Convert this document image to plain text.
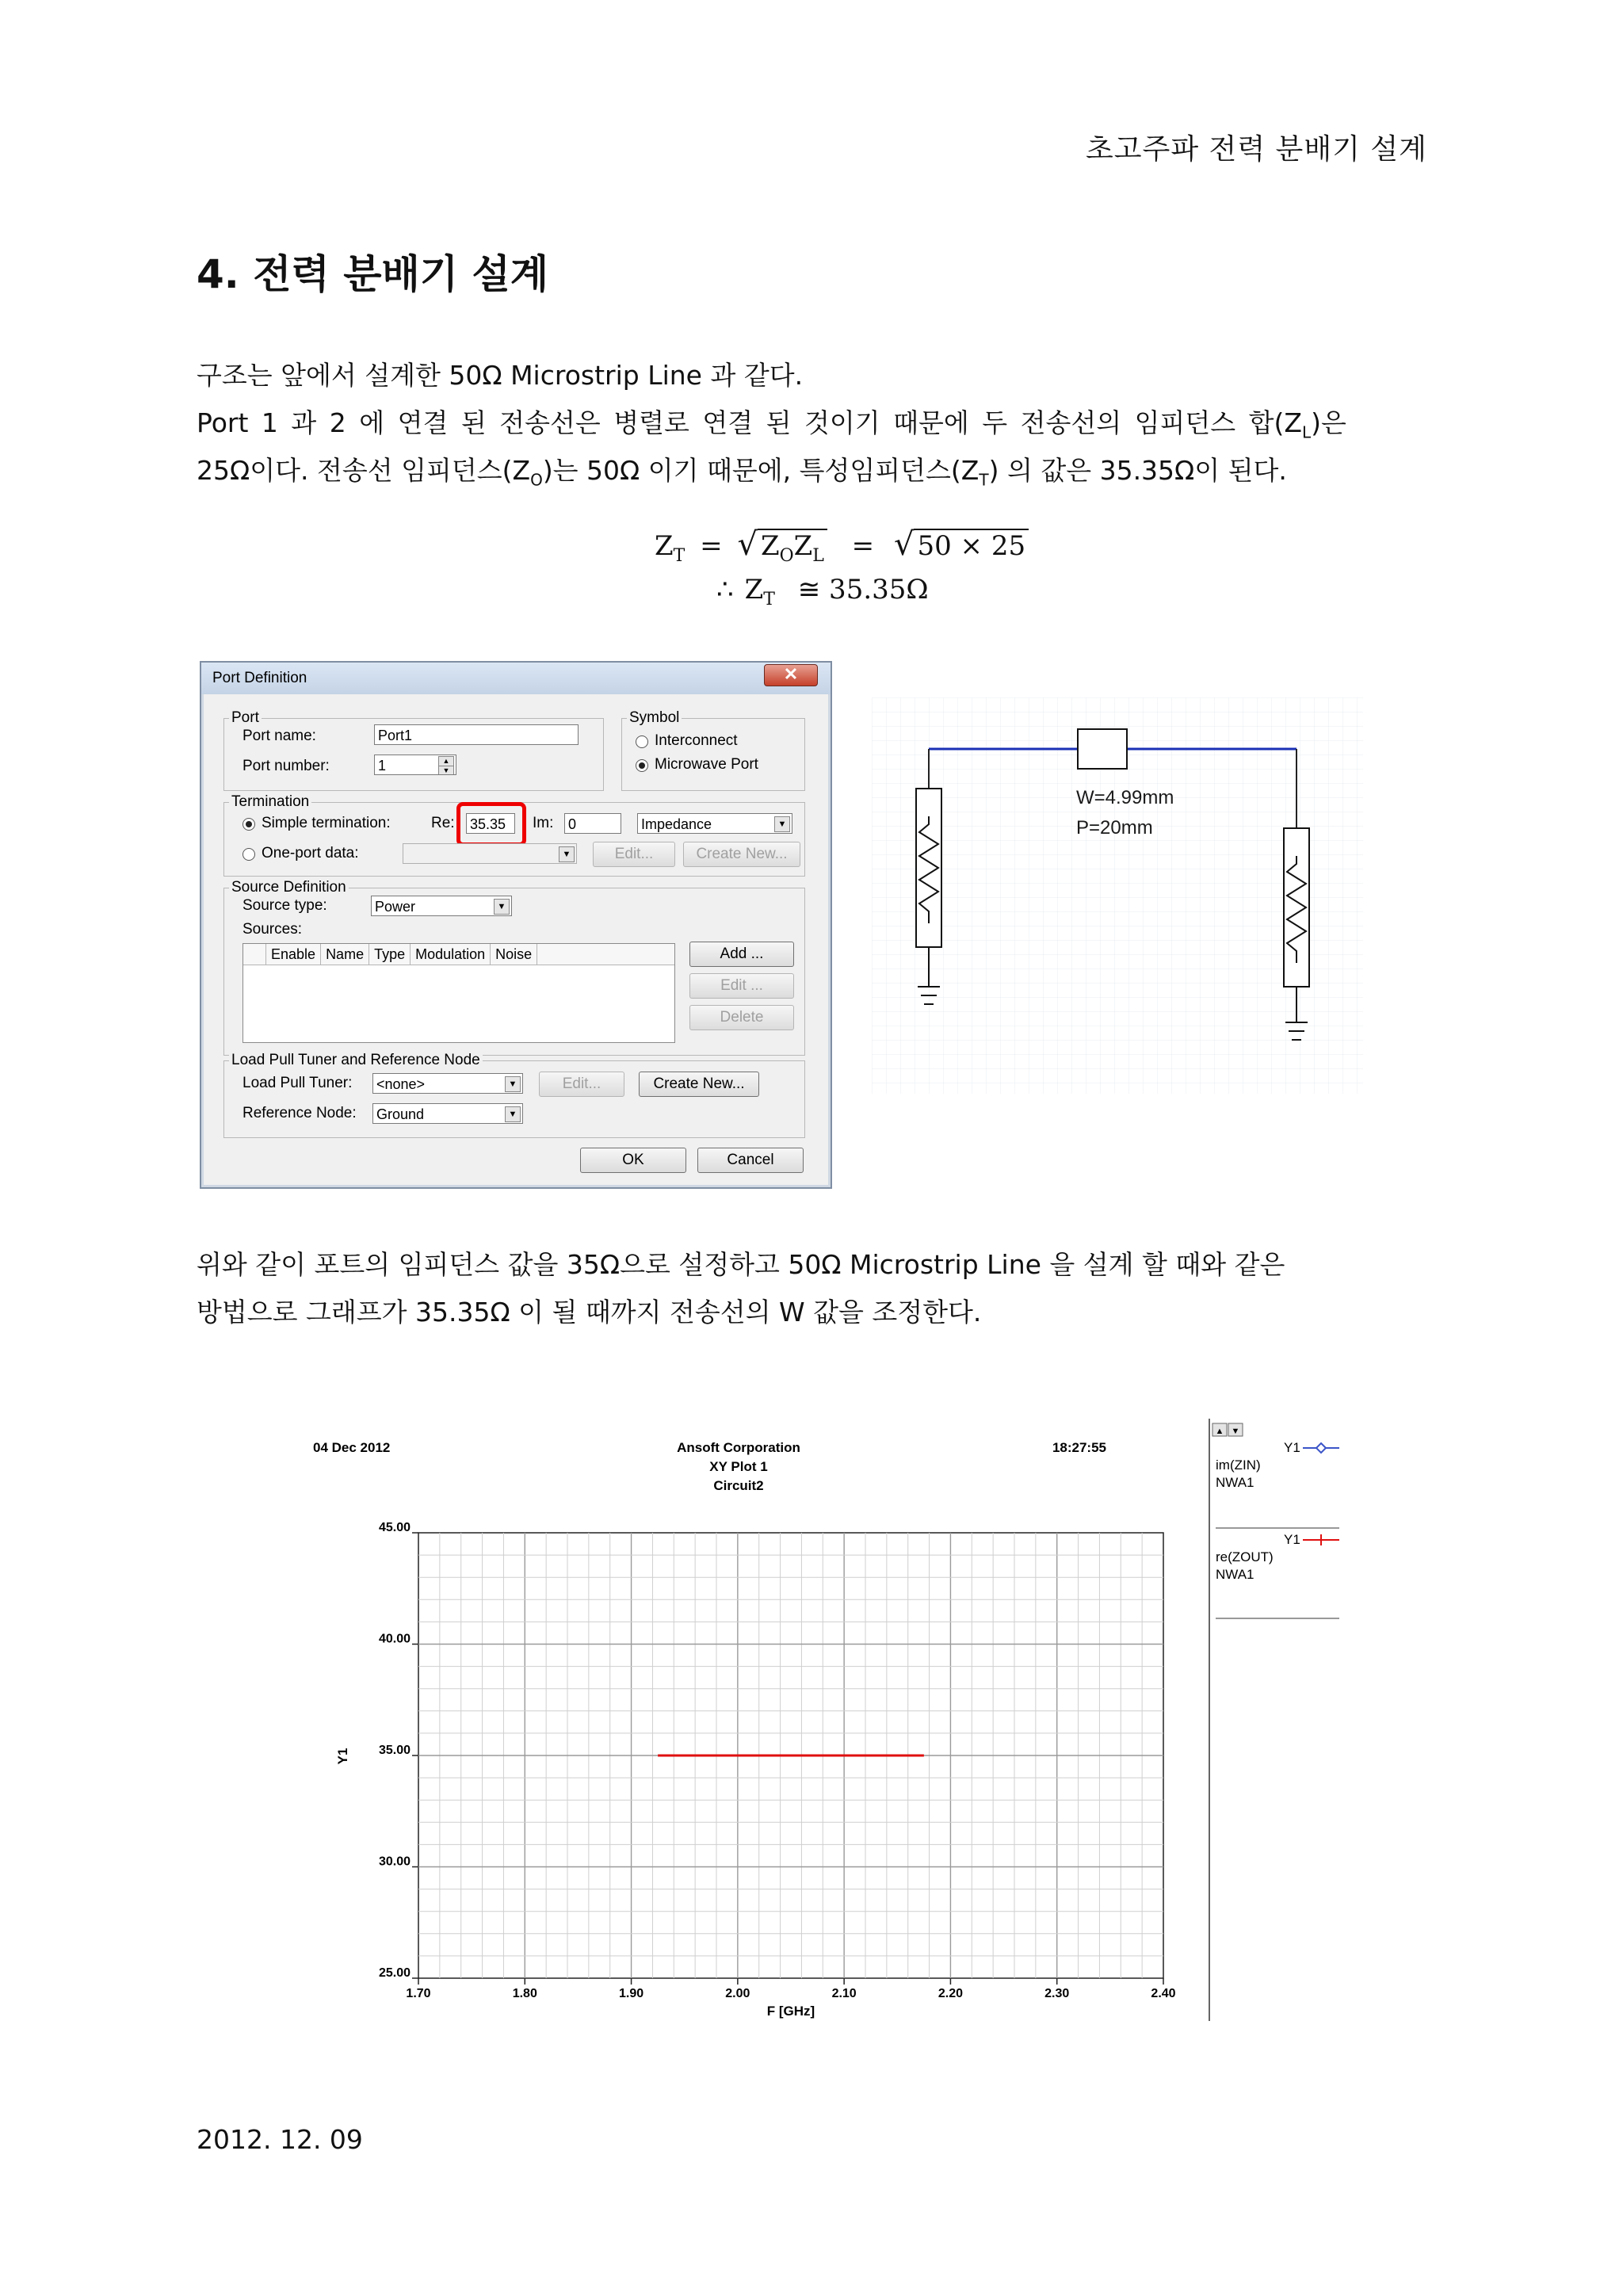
초고주파 전력 분배기 설계
4. 전력 분배기 설계
구조는 앞에서 설계한 50Ω Microstrip Line 과 같다.
Port 1 과 2 에 연결 된 전송선은 병렬로 연결 된 것이기 때문에 두 전송선의 임피던스 합$(Z_L)$은
25Ω이다. 전송선 임피던스$(Z_O)$는 50Ω 이기 때문에, 특성임피던스$(Z_T)$ 의 값은 35.35Ω이 된다.
$Z_T$ = √ $Z_OZ_L$ = √ 50 × 25
∴ $Z_T$ ≅ 35.35Ω
Port Definition	✕
Port
Port name:	Port1
Port number:	1	▲
▼
Symbol
Interconnect
Microwave Port
Termination
Simple termination:	Re: 35.35	Im: 0	Impedance	▼
One-port data:	▼	Edit...	Create New...
Source Definition
Source type:	Power	▼
Sources:
Enable Name Type Modulation Noise	Add ...
Edit ...
Delete
Load Pull Tuner and Reference Node
Load Pull Tuner: <none>	▼	Edit...	Create New...
Reference Node: Ground	▼
OK	Cancel
W=4.99mm
P=20mm
위와 같이 포트의 임피던스 값을 35Ω으로 설정하고 50Ω Microstrip Line 을 설계 할 때와 같은
방법으로 그래프가 35.35Ω 이 될 때까지 전송선의 W 값을 조정한다.
1.70	1.80	1.90	2.00	2.10	2.20	2.30	2.40
25.00
30.00
35.00
40.00
45.00
04 Dec 2012	Ansoft Corporation
XY Plot 1
Circuit2
18:27:55
F [GHz]
Y1
▲ ▼
Y1
im(ZIN)
NWA1
Y1
re(ZOUT)
NWA1
2012. 12. 09
